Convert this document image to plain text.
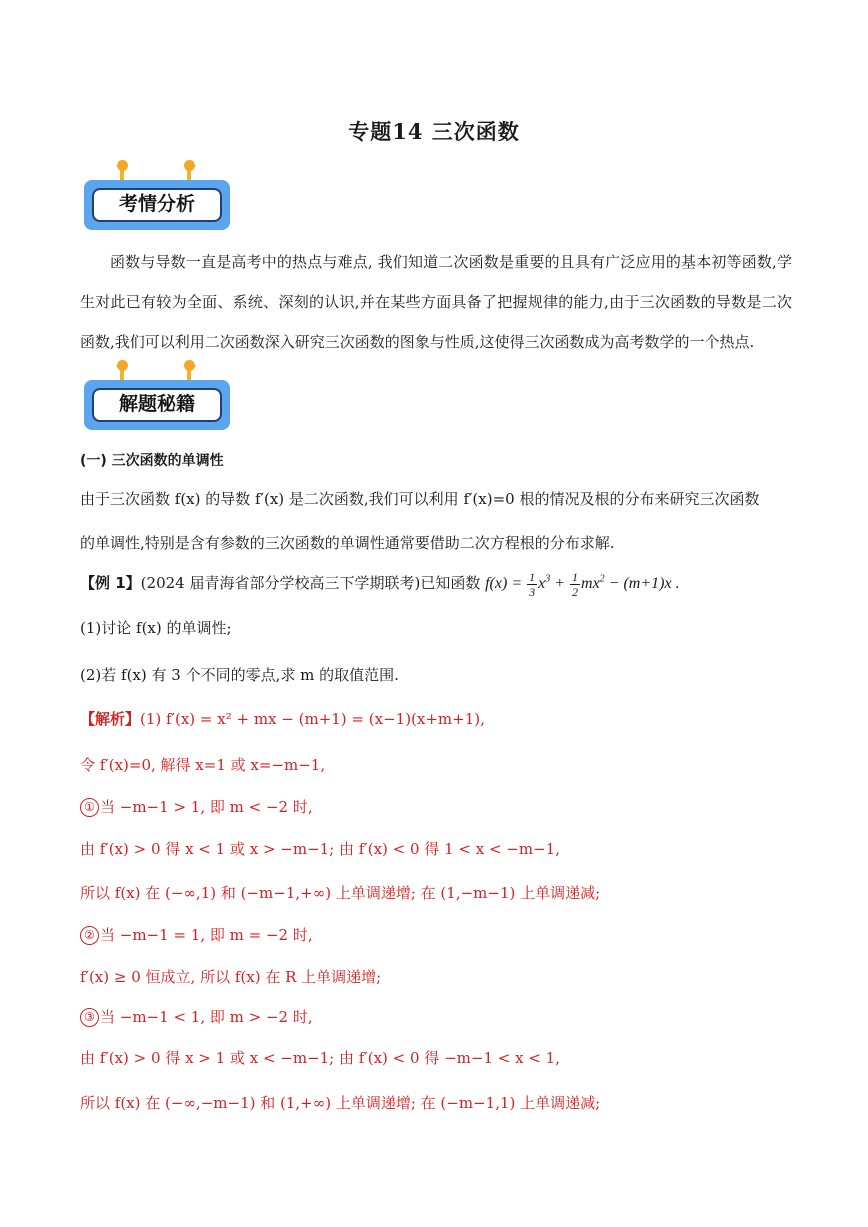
专题14 三次函数
考情分析
函数与导数一直是高考中的热点与难点, 我们知道二次函数是重要的且具有广泛应用的基本初等函数,学生对此已有较为全面、系统、深刻的认识,并在某些方面具备了把握规律的能力,由于三次函数的导数是二次函数,我们可以利用二次函数深入研究三次函数的图象与性质,这使得三次函数成为高考数学的一个热点.
解题秘籍
(一) 三次函数的单调性
由于三次函数 f(x) 的导数 f′(x) 是二次函数,我们可以利用 f′(x)=0 根的情况及根的分布来研究三次函数
的单调性,特别是含有参数的三次函数的单调性通常要借助二次方程根的分布求解.
【例 1】(2024 届青海省部分学校高三下学期联考)已知函数 $f(x) = \frac{1}{3} x^3 + \frac{1}{2} mx^2 - (m+1)x$ .
(1)讨论 f(x) 的单调性;
(2)若 f(x) 有 3 个不同的零点,求 m 的取值范围.
【解析】(1) f′(x) = x² + mx − (m+1) = (x−1)(x+m+1),
令 f′(x)=0, 解得 x=1 或 x=−m−1,
① 当 −m−1 > 1, 即 m < −2 时,
由 f′(x) > 0 得 x < 1 或 x > −m−1; 由 f′(x) < 0 得 1 < x < −m−1,
所以 f(x) 在 (−∞,1) 和 (−m−1,+∞) 上单调递增; 在 (1,−m−1) 上单调递减;
② 当 −m−1 = 1, 即 m = −2 时,
f′(x) ≥ 0 恒成立, 所以 f(x) 在 R 上单调递增;
③ 当 −m−1 < 1, 即 m > −2 时,
由 f′(x) > 0 得 x > 1 或 x < −m−1; 由 f′(x) < 0 得 −m−1 < x < 1,
所以 f(x) 在 (−∞,−m−1) 和 (1,+∞) 上单调递增; 在 (−m−1,1) 上单调递减;
